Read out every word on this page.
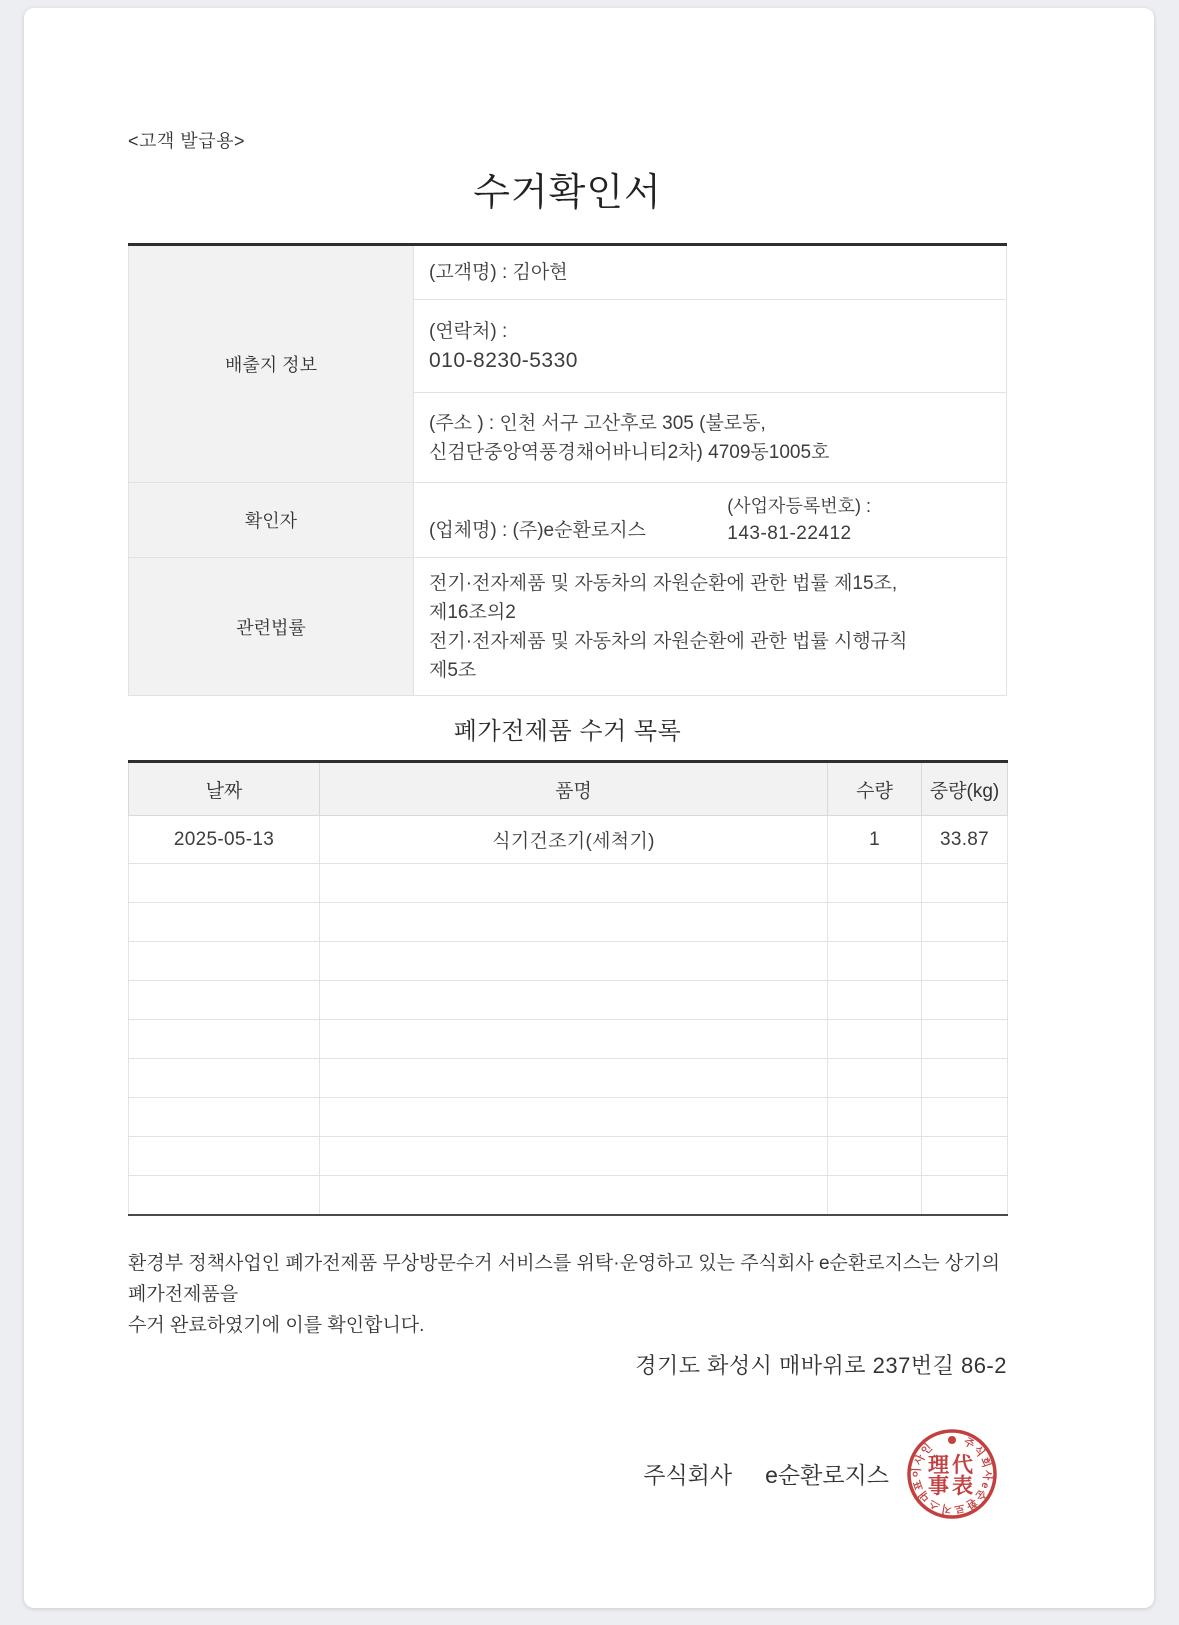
<고객 발급용>
수거확인서
배출지 정보	(고객명) : 김아현

	(연락처) :
010-8230-5330

	(주소 ) : 인천 서구 고산후로 305 (불로동,
신검단중앙역풍경채어바니티2차) 4709동1005호

확인자	(업체명) : (주)e순환로지스
(사업자등록번호) :
143-81-22412

관련법률	전기·전자제품 및 자동차의 자원순환에 관한 법률 제15조,
제16조의2
전기·전자제품 및 자동차의 자원순환에 관한 법률 시행규칙
제5조
폐가전제품 수거 목록
날짜	품명	수량	중량(kg)
2025-05-13	식기건조기(세척기)	1	33.87

환경부 정책사업인 폐가전제품 무상방문수거 서비스를 위탁·운영하고 있는 주식회사 e순환로지스는 상기의 폐가전제품을
수거 완료하였기에 이를 확인합니다.
경기도 화성시 매바위로 237번길 86-2
주식회사 e순환로지스
주식회사e순환로지스대표이사인
理代
事表
